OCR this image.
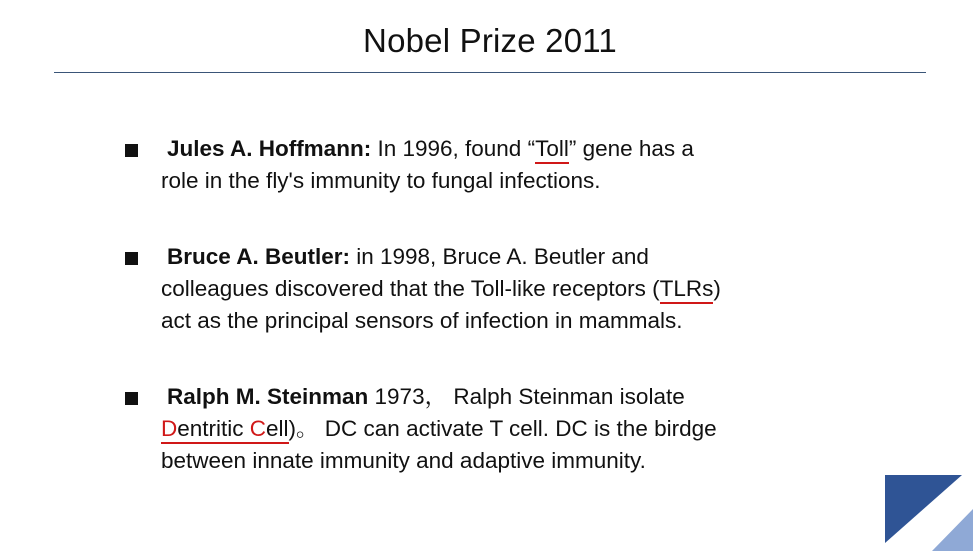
Nobel Prize 2011
Jules A. Hoffmann: In 1996, found “Toll” gene has a
role in the fly's immunity to fungal infections.
Bruce A. Beutler: in 1998, Bruce A. Beutler and
colleagues discovered that the Toll-like receptors (TLRs)
act as the principal sensors of infection in mammals.
Ralph M. Steinman 1973， Ralph Steinman isolate
Dentritic Cell)。 DC can activate T cell. DC is the birdge
between innate immunity and adaptive immunity.
